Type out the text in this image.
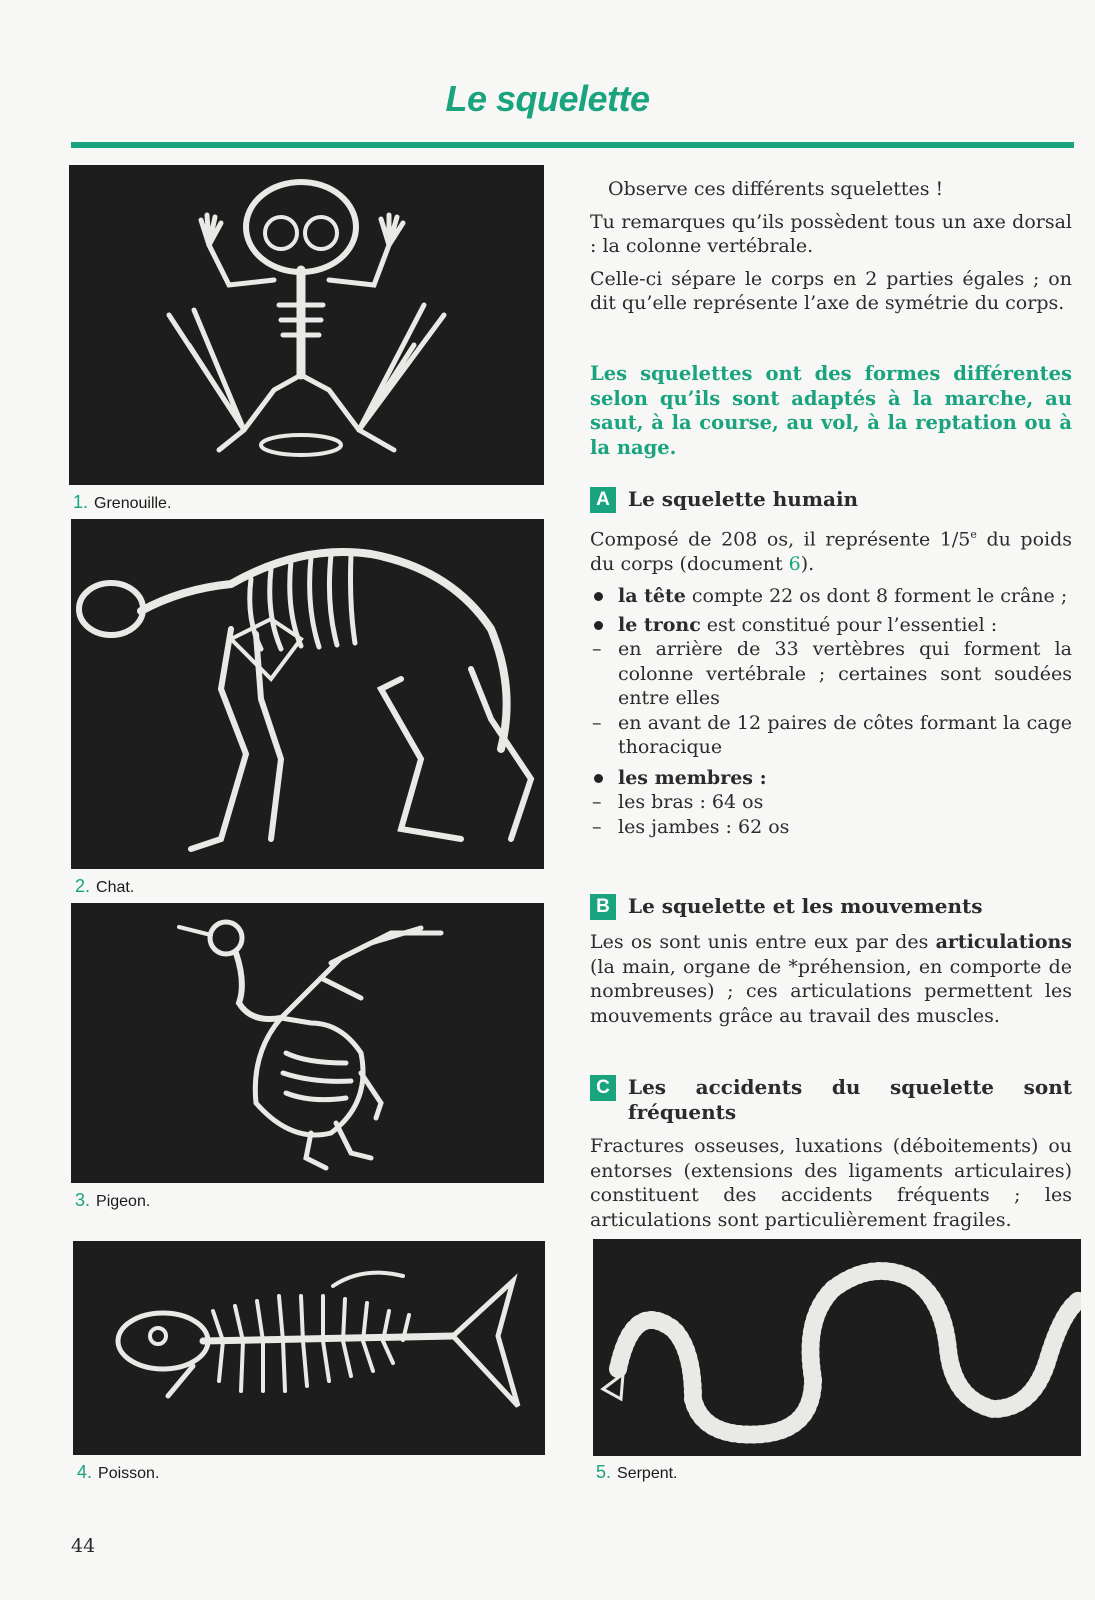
Le squelette
1. Grenouille.
2. Chat.
3. Pigeon.
4. Poisson.	5. Serpent.

Observe ces différents squelettes !

Tu remarques qu’ils possèdent tous un axe dorsal : la colonne vertébrale.

Celle-ci sépare le corps en 2 parties égales ; on dit qu’elle représente l’axe de symétrie du corps.

Les squelettes ont des formes différentes selon qu’ils sont adaptés à la marche, au saut, à la course, au vol, à la reptation ou à la nage.
A Le squelette humain

Composé de 208 os, il représente 1/5e du poids du corps (document 6).

la tête compte 22 os dont 8 forment le crâne ;
le tronc est constitué pour l’essentiel :
– en arrière de 33 vertèbres qui forment la colonne vertébrale ; certaines sont soudées entre elles
– en avant de 12 paires de côtes formant la cage thoracique
les membres :
– les bras : 64 os
– les jambes : 62 os
B Le squelette et les mouvements

Les os sont unis entre eux par des articulations (la main, organe de *préhension, en comporte de nombreuses) ; ces articulations permettent les mouvements grâce au travail des muscles.

C Les accidents du squelette sont fréquents

Fractures osseuses, luxations (déboitements) ou entorses (extensions des ligaments articulaires) constituent des accidents fréquents ; les articulations sont particulièrement fragiles.

44
